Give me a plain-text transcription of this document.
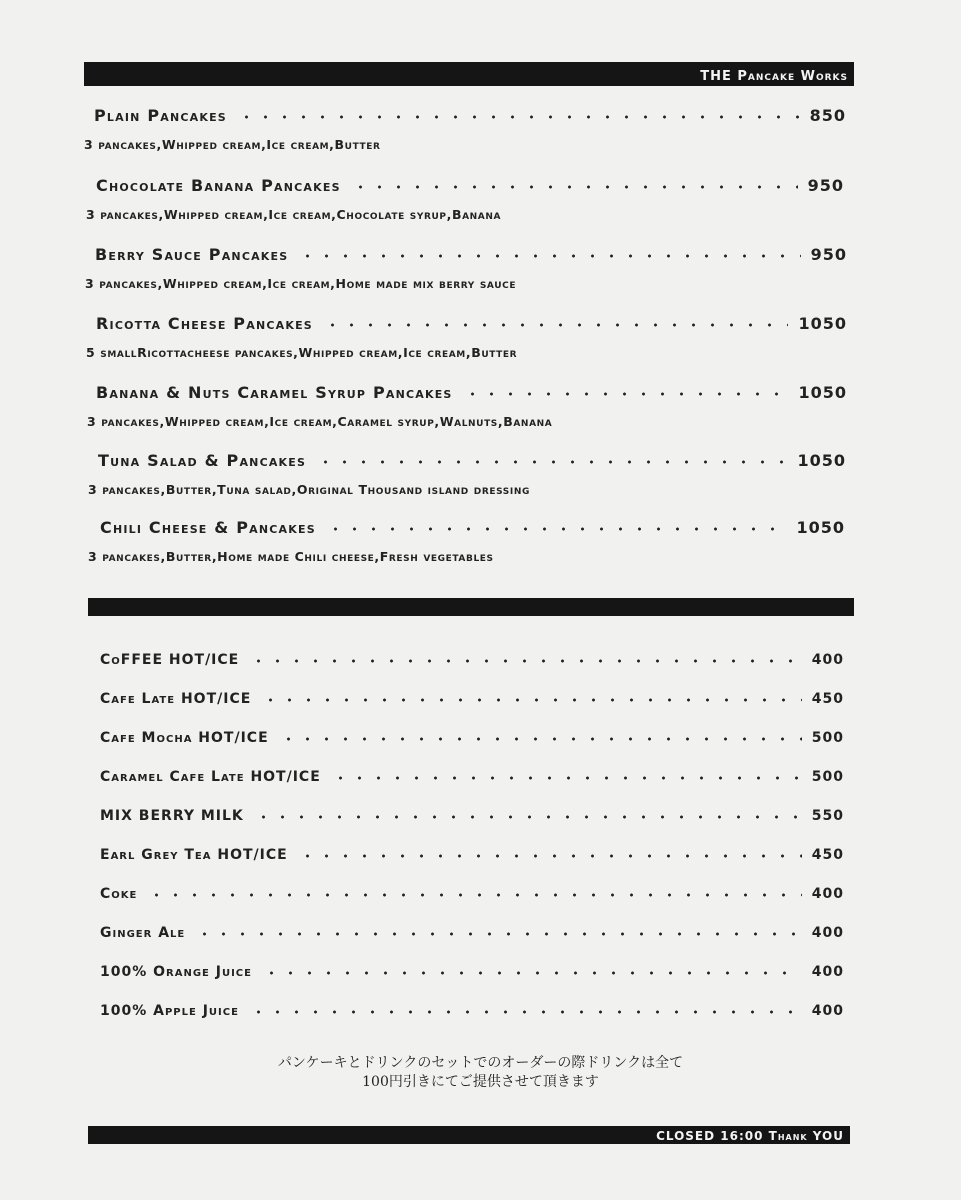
THE Pancake Works
Plain Pancakes	850
3 pancakes,Whipped cream,Ice cream,Butter
Chocolate Banana Pancakes	950
3 pancakes,Whipped cream,Ice cream,Chocolate syrup,Banana
Berry Sauce Pancakes	950
3 pancakes,Whipped cream,Ice cream,Home made mix berry sauce
Ricotta Cheese Pancakes	1050
5 smallRicottacheese pancakes,Whipped cream,Ice cream,Butter
Banana & Nuts Caramel Syrup Pancakes	1050
3 pancakes,Whipped cream,Ice cream,Caramel syrup,Walnuts,Banana
Tuna Salad & Pancakes	1050
3 pancakes,Butter,Tuna salad,Original Thousand island dressing
Chili Cheese & Pancakes	1050
3 pancakes,Butter,Home made Chili cheese,Fresh vegetables
CoFFEE HOT/ICE	400
Cafe Late HOT/ICE	450
Cafe Mocha HOT/ICE	500
Caramel Cafe Late HOT/ICE	500
MIX BERRY MILK	550
Earl Grey Tea HOT/ICE	450
Coke	400
Ginger Ale	400
100% Orange Juice	400
100% Apple Juice	400
パンケーキとドリンクのセットでのオーダーの際ドリンクは全て
100円引きにてご提供させて頂きます
CLOSED 16:00 Thank YOU
